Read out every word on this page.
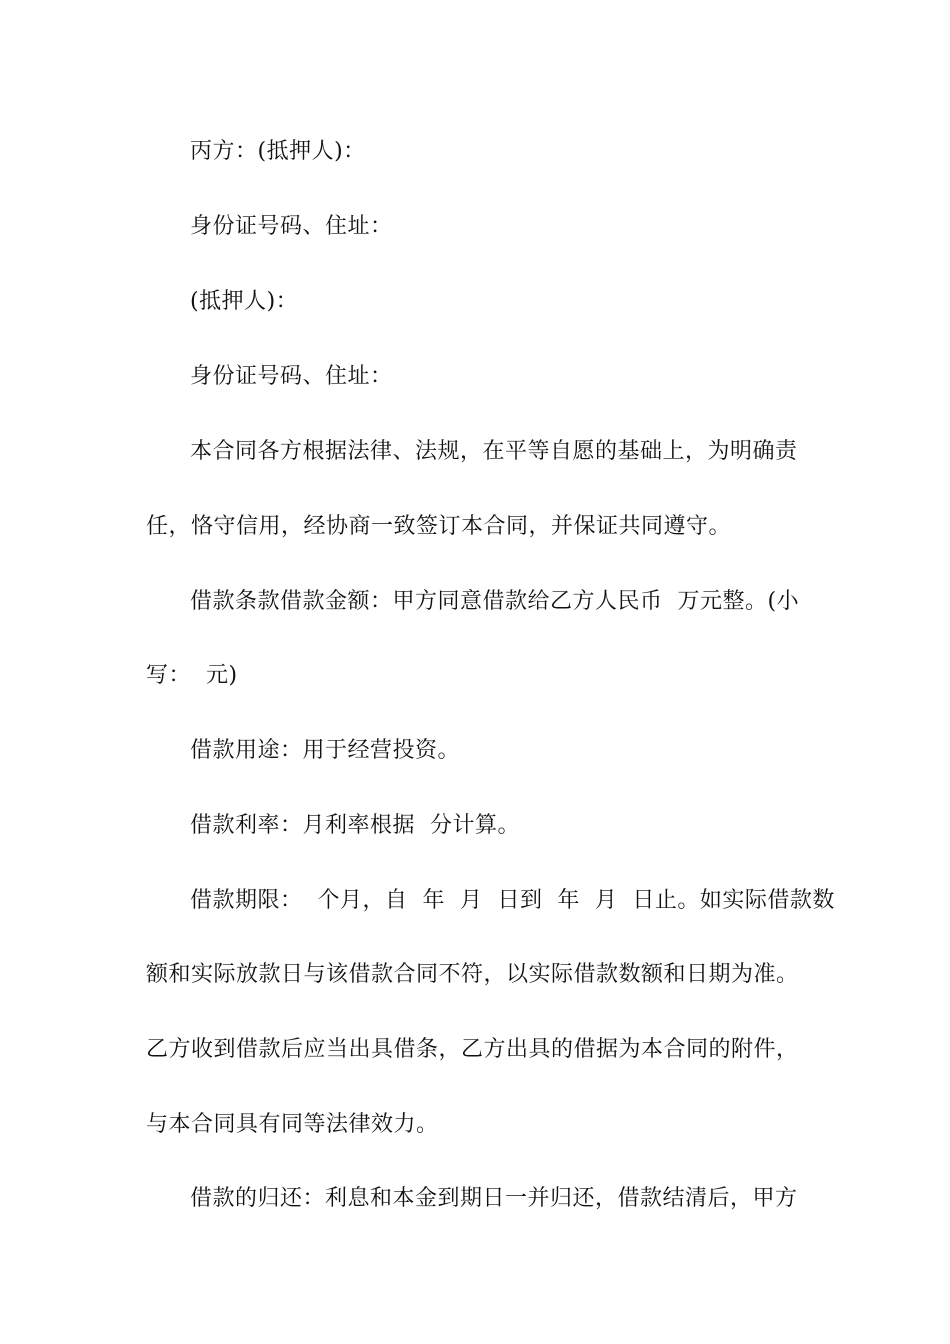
丙方：(抵押人)：
身份证号码、住址：
(抵押人)：
身份证号码、住址：
本合同各方根据法律、法规，在平等自愿的基础上，为明确责
任，恪守信用，经协商一致签订本合同，并保证共同遵守。
借款条款借款金额：甲方同意借款给乙方人民币  万元整。(小
写：  元)
借款用途：用于经营投资。
借款利率：月利率根据  分计算。
借款期限：  个月，自  年  月  日到  年  月  日止。如实际借款数
额和实际放款日与该借款合同不符，以实际借款数额和日期为准。
乙方收到借款后应当出具借条，乙方出具的借据为本合同的附件，
与本合同具有同等法律效力。
借款的归还：利息和本金到期日一并归还，借款结清后，甲方
